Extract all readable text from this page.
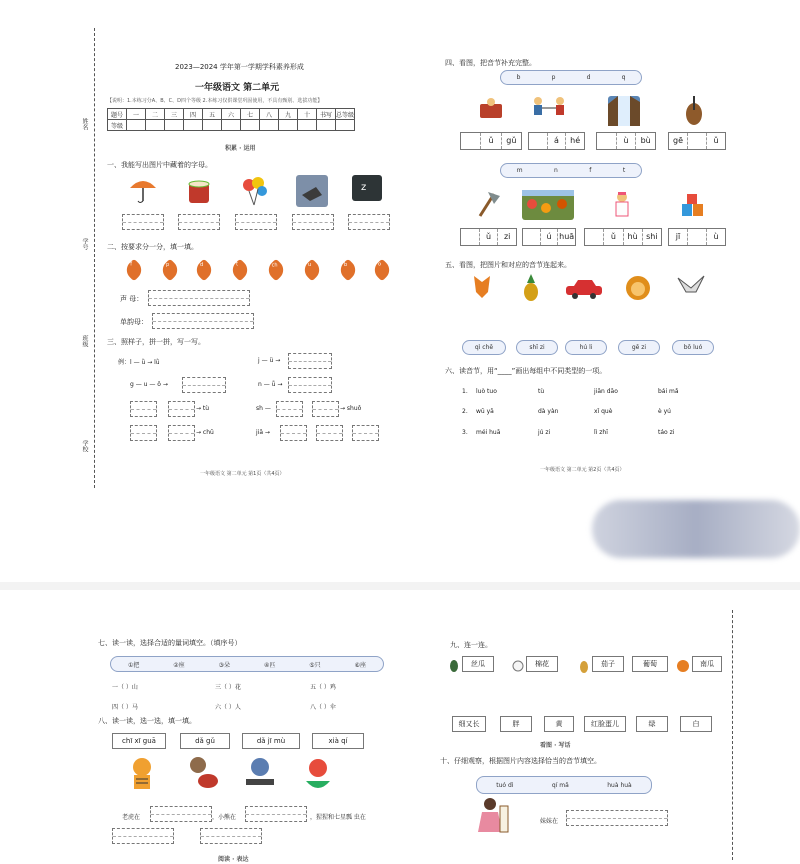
姓名
学号
班级
学校
2023—2024 学年第一学期学科素养形成
一年级语文 第二单元
【说明：1.本练习分A、B、C、D四个等级 2.本练习仅供课堂巩固使用，不具有甄别、选拔功能】
题号	一	二	三	四	五	六	七	八	九	十	书写	总等级
等级												
积累 · 运用
一、我能写出图片中藏着的字母。
z
二、按要求分一分，填一填。
f	p	d	t	ch	u	b	o
声 母：
单韵母：
三、照样子，拼一拼，写一写。
例：l — ǜ → lǜ	j — ü →
g — u — ǒ →	n — ǚ →
→ tù	sh —	→ shuǒ
→ chū	jiā →
一年级语文 第二单元 第1页（共4页）
四、看图，把音节补充完整。
b	p	d	q
ǔ	gǔ	á	hé	ù	bù	gē	ǔ
m	n	f	t
ǔ	zi	ú huā	ǔ	hù	shi	jī	ù
五、看图，把图片和对应的音节连起来。
qì chē	shī zi	hú li	gē zi	bō luó
六、读音节，用“____”画出每组中不同类型的一项。
1. luò tuo	tù	jiān dāo	bái mǎ
2. wū yā	dà yàn	xǐ què	è yú
3. méi huā	jú zi	lì zhī	táo zi
一年级语文 第二单元 第2页（共4页）
七、读一读，选择合适的量词填空。（填序号）
①把	②座	③朵	④匹	⑤只	⑥座
一（ ）山	三（ ）花	五（ ）鸡
四（ ）马	六（ ）人	八（ ）伞
八、读一读，选一选，填一填。
chī xī guā	dǎ gǔ	dǎ jī mù	xià qí
老虎在	，小熊在	，猩猩和七星瓢 虫在
阅读 · 表达
九、连一连。
丝瓜	棉花	茄子	葡萄	南瓜
细又长	胖	黄	红脸蛋儿	绿	白
看图 · 写话
十、仔细观察，根据图片内容选择恰当的音节填空。
tuó dì	qí mǎ	huà huà
妹妹在
